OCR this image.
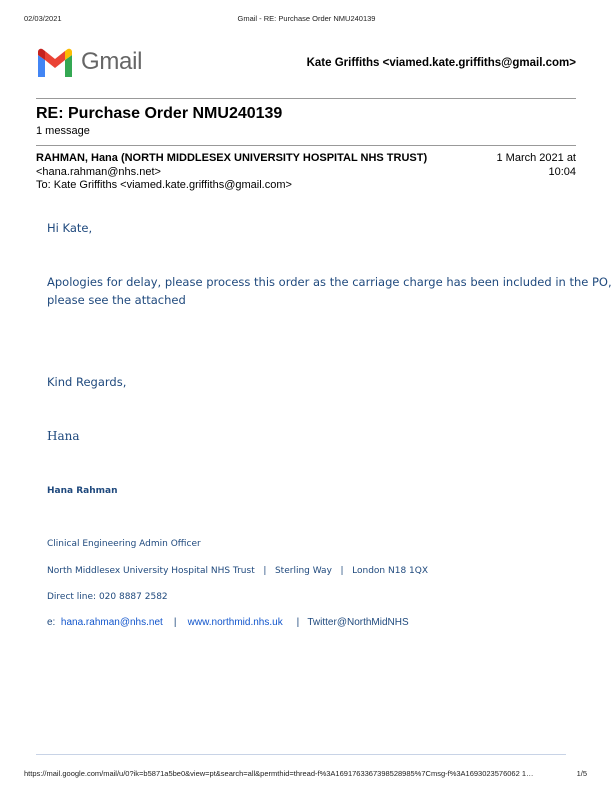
02/03/2021	Gmail - RE: Purchase Order NMU240139
Gmail	Kate Griffiths <viamed.kate.griffiths@gmail.com>
RE: Purchase Order NMU240139
1 message
RAHMAN, Hana (NORTH MIDDLESEX UNIVERSITY HOSPITAL NHS TRUST)
<hana.rahman@nhs.net>
1 March 2021 at
10:04
To: Kate Griffiths <viamed.kate.griffiths@gmail.com>
Hi Kate,
Apologies for delay, please process this order as the carriage charge has been included in the PO,
please see the attached
Kind Regards,
Hana
Hana Rahman
Clinical Engineering Admin Officer
North Middlesex University Hospital NHS Trust | Sterling Way | London N18 1QX
Direct line: 020 8887 2582
e: hana.rahman@nhs.net | www.northmid.nhs.uk | Twitter@NorthMidNHS
https://mail.google.com/mail/u/0?ik=b5871a5be0&view=pt&search=all&permthid=thread-f%3A1691763367398528985%7Cmsg-f%3A1693023576062 1…	1/5
